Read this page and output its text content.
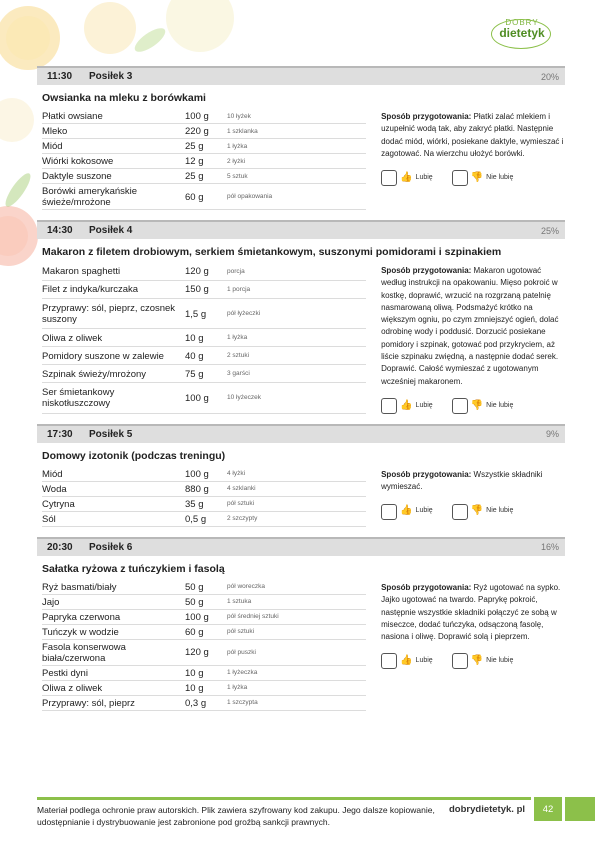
DOBRY
dietetyk
11:30	Posiłek 3	20%
Owsianka na mleku z borówkami
Płatki owsiane	100 g	10 łyżek
Mleko	220 g	1 szklanka
Miód	25 g	1 łyżka
Wiórki kokosowe	12 g	2 łyżki
Daktyle suszone	25 g	5 sztuk
Borówki amerykańskie świeże/mrożone	60 g	pół opakowania
Sposób przygotowania: Płatki zalać mlekiem i uzupełnić wodą tak, aby zakryć płatki. Następnie dodać miód, wiórki, posiekane daktyle, wymieszać i zagotować. Na wierzchu ułożyć borówki.
👍 Lubię	👎 Nie lubię
14:30	Posiłek 4	25%
Makaron z filetem drobiowym, serkiem śmietankowym, suszonymi pomidorami i szpinakiem
Makaron spaghetti	120 g	porcja
Filet z indyka/kurczaka	150 g	1 porcja
Przyprawy: sól, pieprz, czosnek suszony	1,5 g	pół łyżeczki
Oliwa z oliwek	10 g	1 łyżka
Pomidory suszone w zalewie	40 g	2 sztuki
Szpinak świeży/mrożony	75 g	3 garści
Ser śmietankowy niskotłuszczowy	100 g	10 łyżeczek
Sposób przygotowania: Makaron ugotować według instrukcji na opakowaniu. Mięso pokroić w kostkę, doprawić, wrzucić na rozgrzaną patelnię nasmarowaną oliwą. Podsmażyć krótko na większym ogniu, po czym zmniejszyć ogień, dolać odrobinę wody i poddusić. Dorzucić posiekane pomidory i szpinak, gotować pod przykryciem, aż liście szpinaku zwiędną, a następnie dodać serek. Doprawić. Całość wymieszać z ugotowanym wcześniej makaronem.
👍 Lubię	👎 Nie lubię
17:30	Posiłek 5	9%
Domowy izotonik (podczas treningu)
Miód	100 g	4 łyżki
Woda	880 g	4 szklanki
Cytryna	35 g	pół sztuki
Sól	0,5 g	2 szczypty
Sposób przygotowania: Wszystkie składniki wymieszać.
👍 Lubię	👎 Nie lubię
20:30	Posiłek 6	16%
Sałatka ryżowa z tuńczykiem i fasolą
Ryż basmati/biały	50 g	pół woreczka
Jajo	50 g	1 sztuka
Papryka czerwona	100 g	pół średniej sztuki
Tuńczyk w wodzie	60 g	pół sztuki
Fasola konserwowa biała/czerwona	120 g	pół puszki
Pestki dyni	10 g	1 łyżeczka
Oliwa z oliwek	10 g	1 łyżka
Przyprawy: sól, pieprz	0,3 g	1 szczypta
Sposób przygotowania: Ryż ugotować na sypko. Jajko ugotować na twardo. Paprykę pokroić, następnie wszystkie składniki połączyć ze sobą w miseczce, dodać tuńczyka, odsączoną fasolę, nasiona i oliwę. Doprawić solą i pieprzem.
👍 Lubię	👎 Nie lubię
Materiał podlega ochronie praw autorskich. Plik zawiera szyfrowany kod zakupu. Jego dalsze kopiowanie, udostępnianie i dystrybuowanie jest zabronione pod groźbą sankcji prawnych.
dobrydietetyk. pl	42
